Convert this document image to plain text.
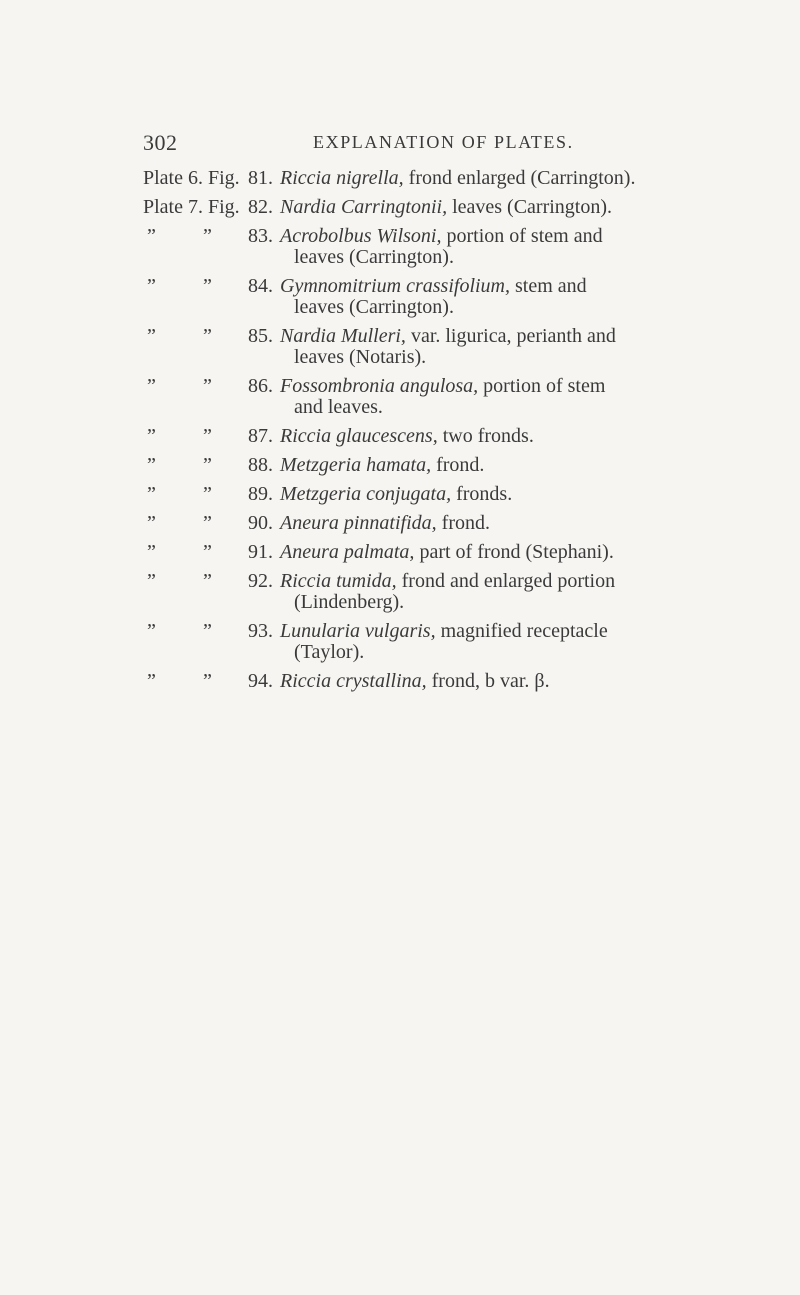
302	EXPLANATION OF PLATES.
Plate 6. Fig. 81. Riccia nigrella, frond enlarged (Carrington).
Plate 7. Fig. 82. Nardia Carringtonii, leaves (Carrington).
” ”	83. Acrobolbus Wilsoni, portion of stem and
leaves (Carrington).
” ”	84. Gymnomitrium crassifolium, stem and
leaves (Carrington).
” ”	85. Nardia Mulleri, var. ligurica, perianth and
leaves (Notaris).
” ”	86. Fossombronia angulosa, portion of stem
and leaves.
” ”	87. Riccia glaucescens, two fronds.
” ”	88. Metzgeria hamata, frond.
” ”	89. Metzgeria conjugata, fronds.
” ”	90. Aneura pinnatifida, frond.
” ”	91. Aneura palmata, part of frond (Stephani).
” ”	92. Riccia tumida, frond and enlarged portion
(Lindenberg).
” ”	93. Lunularia vulgaris, magnified receptacle
(Taylor).
” ”	94. Riccia crystallina, frond, b var. β.
